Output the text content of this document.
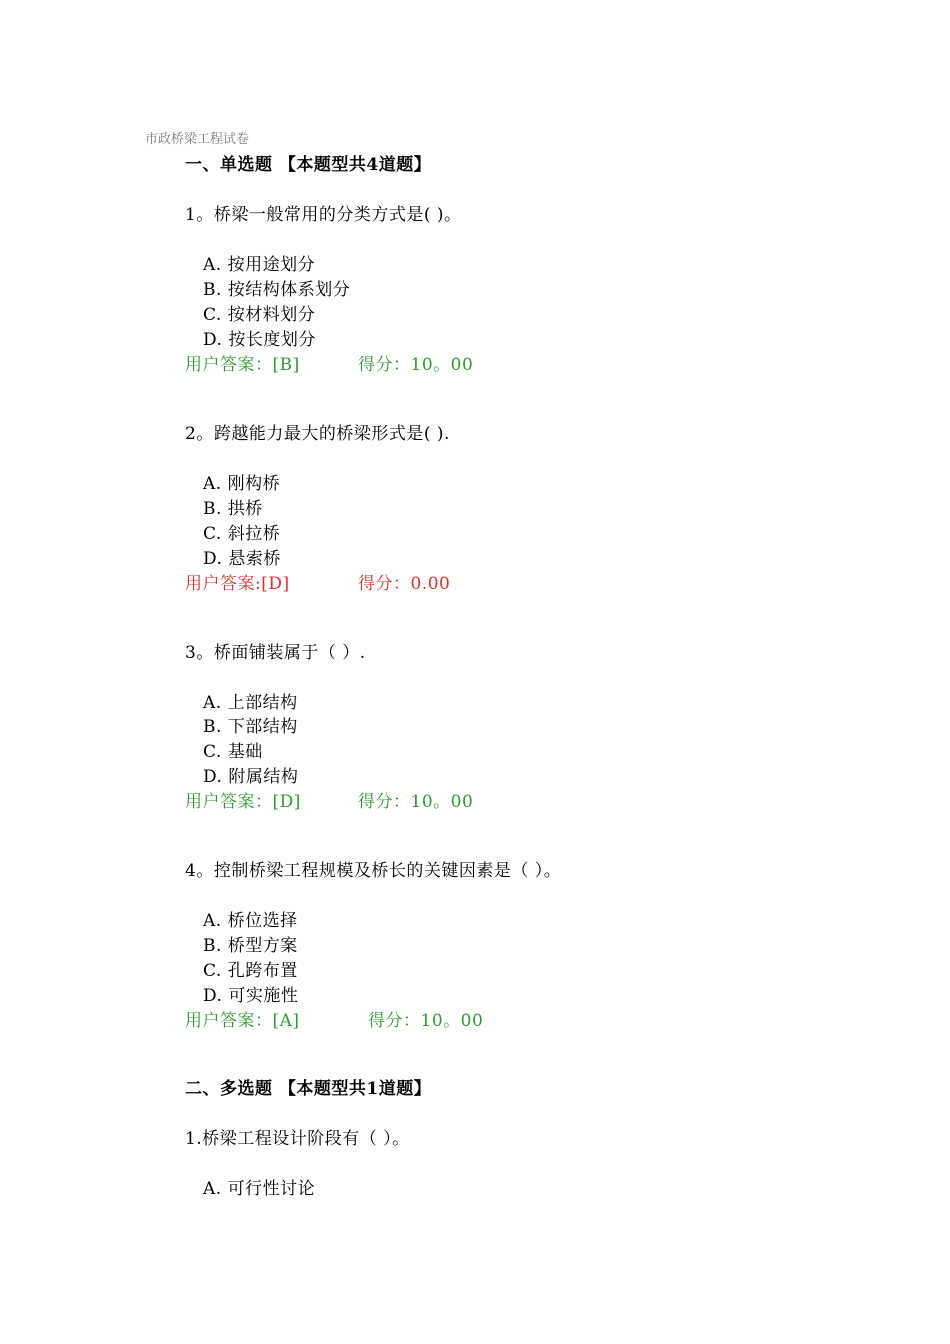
市政桥梁工程试卷
一、单选题 【本题型共4道题】
1。桥梁一般常用的分类方式是( )。
A. 按用途划分
B. 按结构体系划分
C. 按材料划分
D. 按长度划分
用户答案：[B]	得分：10。00
2。跨越能力最大的桥梁形式是( ).
A. 刚构桥
B. 拱桥
C. 斜拉桥
D. 悬索桥
用户答案:[D]	得分：0.00
3。桥面铺装属于（ ）.
A. 上部结构
B. 下部结构
C. 基础
D. 附属结构
用户答案：[D]	得分：10。00
4。控制桥梁工程规模及桥长的关键因素是（ ）。
A. 桥位选择
B. 桥型方案
C. 孔跨布置
D. 可实施性
用户答案：[A]	得分：10。00
二、多选题 【本题型共1道题】
1.桥梁工程设计阶段有（ ）。
A. 可行性讨论
